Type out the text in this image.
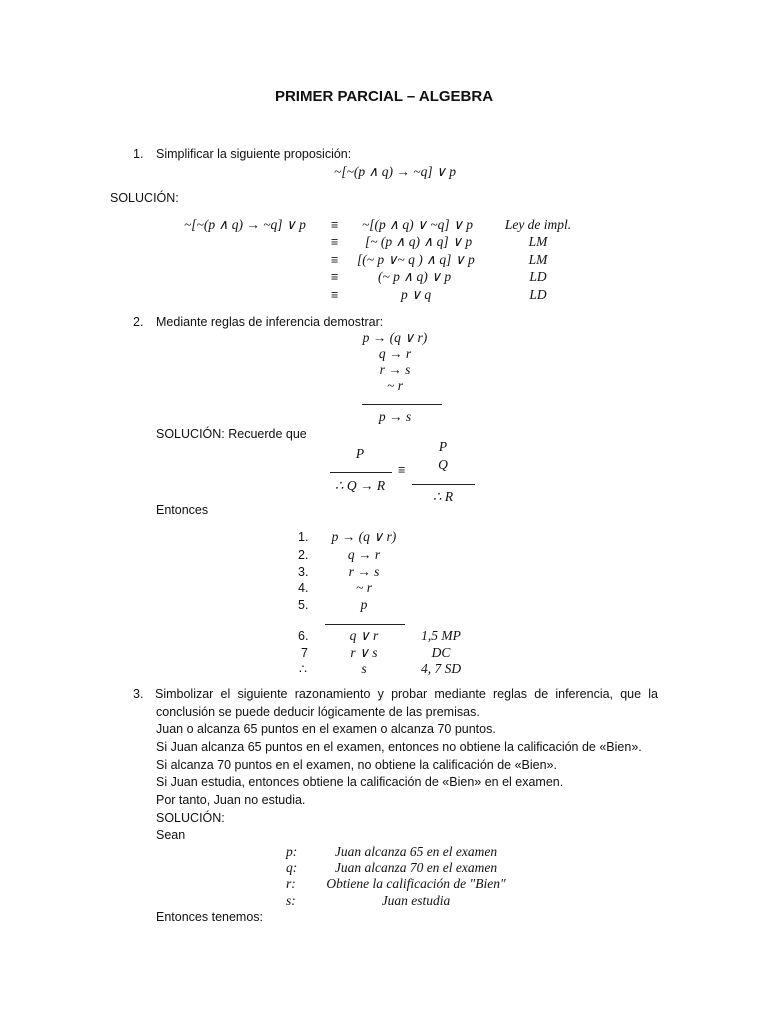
PRIMER PARCIAL – ALGEBRA
1. Simplificar la siguiente proposición:
~[~(p ∧ q) → ~q] ∨ p
SOLUCIÓN:
~[~(p ∧ q) → ~q] ∨ p ≡ ~[(p ∧ q) ∨ ~q] ∨ p	Ley de impl.
≡ [~ (p ∧ q) ∧ q] ∨ p	LM
≡ [(~ p ∨~ q ) ∧ q] ∨ p	LM
≡	(~ p ∧ q) ∨ p	LD
≡	p ∨ q	LD
2. Mediante reglas de inferencia demostrar:
p → (q ∨ r)
q → r
r → s
~ r
p → s
SOLUCIÓN: Recuerde que
P
∴ Q → R
≡
P
Q
∴ R
Entonces
1.	p → (q ∨ r)
2.	q → r
3.	r → s
4.	~ r
5.	p
6.	q ∨ r	1,5 MP
7	r ∨ s	DC
∴	s	4, 7 SD
3. Simbolizar el siguiente razonamiento y probar mediante reglas de inferencia, que la
conclusión se puede deducir lógicamente de las premisas.
Juan o alcanza 65 puntos en el examen o alcanza 70 puntos.
Si Juan alcanza 65 puntos en el examen, entonces no obtiene la calificación de «Bien».
Si alcanza 70 puntos en el examen, no obtiene la calificación de «Bien».
Si Juan estudia, entonces obtiene la calificación de «Bien» en el examen.
Por tanto, Juan no estudia.
SOLUCIÓN:
Sean
p:	Juan alcanza 65 en el examen
q:	Juan alcanza 70 en el examen
r:	Obtiene la calificación de "Bien"
s:	Juan estudia
Entonces tenemos:
